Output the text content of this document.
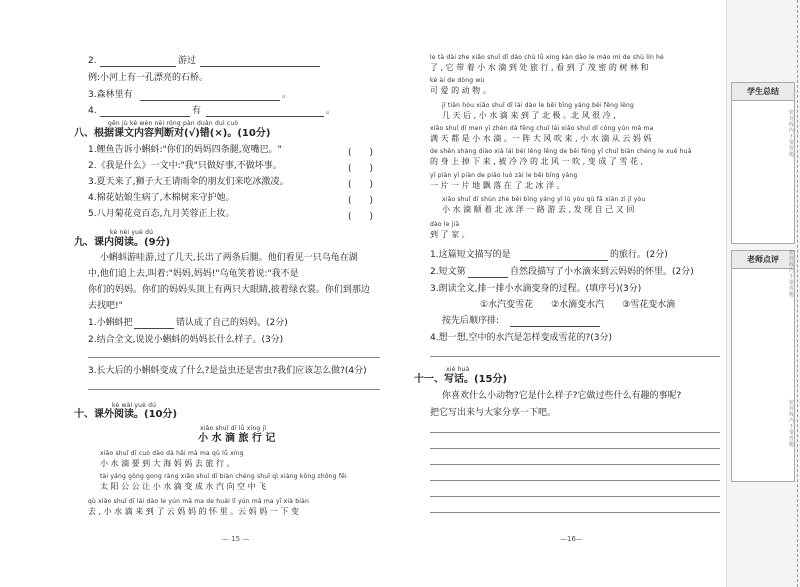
2.	游过
例:小河上有一孔漂亮的石桥。
3.森林里有	。
4.	有	。
gēn jù kè wén nèi róng pàn duàn duì cuò
八、根据课文内容判断对(√)错(×)。(10分)
1.鲤鱼告诉小蝌蚪:"你们的妈妈四条腿,宽嘴巴。"	(　　)
2.《我是什么》一文中:"我"只做好事,不做坏事。	(　　)
3.夏天来了,狮子大王请雨伞的朋友们来吃冰激凌。	(　　)
4.棉花姑娘生病了,木棉树来守护她。	(　　)
5.八月菊花竞百态,九月芙蓉正上妆。	(　　)
kè nèi yuè dú
九、课内阅读。(9分)
小蝌蚪游哇游,过了几天,长出了两条后腿。他们看见一只乌龟在湖
中,他们追上去,叫着:"妈妈,妈妈!"乌龟笑着说:"我不是
你们的妈妈。你们的妈妈头顶上有两只大眼睛,披着绿衣裳。你们到那边
去找吧!"
1.小蝌蚪把	错认成了自己的妈妈。(2分)
2.结合全文,说说小蝌蚪的妈妈长什么样子。(3分)
3.长大后的小蝌蚪变成了什么?是益虫还是害虫?我们应该怎么做?(4分)
kè wài yuè dú
十、课外阅读。(10分)
xiǎo shuǐ dī lǚ xíng jì
小 水 滴 旅 行 记
xiǎo shuǐ dī cuò dào dà hǎi mā ma qù lǚ xíng
小 水 滴 要 到 大 海 妈 妈 去 旅 行 。
tài yáng gōng gong ràng xiǎo shuǐ dī biàn chéng shuǐ qì xiàng kōng zhōng fēi
太 阳 公 公 让 小 水 滴 变 成 水 汽 向 空 中 飞
qù xiǎo shuǐ dī lái dào le yún mā ma de huái lǐ yún mā ma yī xià biàn
去 , 小 水 滴 来 到 了 云 妈 妈 的 怀 里 。云 妈 妈 一 下 变
— 15 —
le tā dài zhe xiǎo shuǐ dī dào chù lǚ xíng kàn dào le mào mì de shù lín hé
了 , 它 带 着 小 水 滴 到 处 旅 行 , 看 到 了 茂 密 的 树 林 和
kě ài de dòng wù
可 爱 的 动 物 。
jǐ tiān hòu xiǎo shuǐ dī lái dào le běi bīng yáng běi fēng lěng
几 天 后 , 小 水 滴 来 到 了 北 极 。北 风 很 冷 ,
xiǎo shuǐ dī men yī zhèn dà fēng chuī lái xiǎo shuǐ dī cóng yún mā ma
满 天 都 是 小 水 滴 。一 阵 大 风 吹 来 , 小 水 滴 从 云 妈 妈
de shēn shàng diào xià lái bèi lěng lěng de běi fēng yī chuī biàn chéng le xuě huā
的 身 上 掉 下 来 , 被 冷 冷 的 北 风 一 吹 , 变 成 了 雪 花 ,
yī piàn yī piàn de piāo luò zài le běi bīng yáng
一 片 一 片 地 飘 落 在 了 北 冰 洋 。
xiǎo shuǐ dī shùn zhe běi bīng yáng yī lù yóu qù fā xiàn zì jǐ yòu
小 水 滴 顺 着 北 冰 洋 一 路 游 去 , 发 现 自 己 又 回
dào le jiā
到 了 家 。
1.这篇短文描写的是	的旅行。(2分)
2.短文第	自然段描写了小水滴来到云妈妈的怀里。(2分)
3.朗读全文,排一排小水滴变身的过程。(填序号)(3分)
①水汽变雪花　　②水滴变水汽　　③雪花变水滴
按先后顺序排:
4.想一想,空中的水汽是怎样变成雪花的?(3分)
xiě huà
十一、写话。(15分)
你喜欢什么小动物?它是什么样子?它做过些什么有趣的事呢?
把它写出来与大家分享一下吧。
—16—
学生总结
老师点评
密封线内不要答题
密封线内不要答题
密封线内不要答题
